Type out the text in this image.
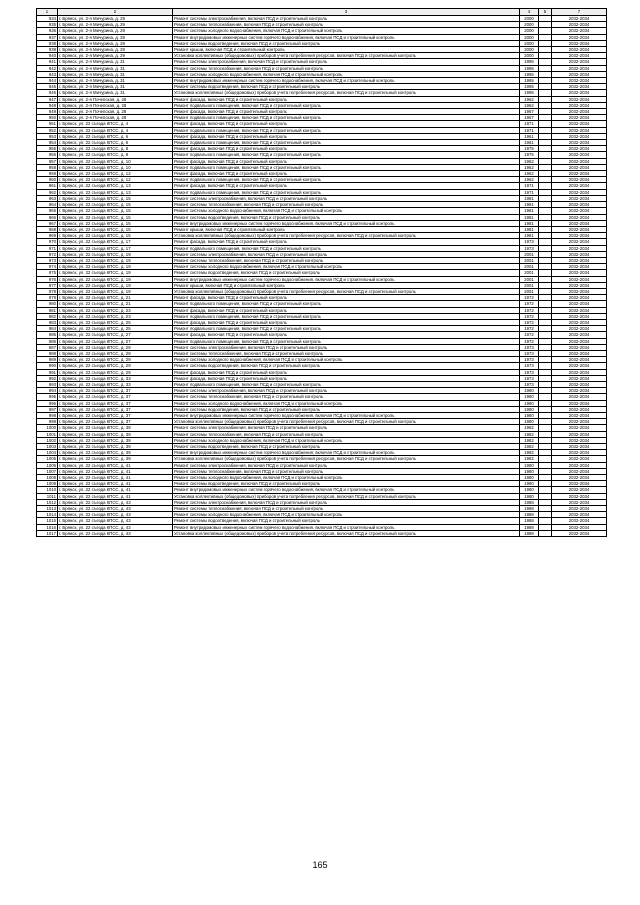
1	2	3	4	5	7
934	г. Брянск, ул. 2-я Мичурина, д. 29	Ремонт системы электроснабжения, включая ПСД и строительный контроль	2000		2032-2034
935	г. Брянск, ул. 2-я Мичурина, д. 29	Ремонт системы теплоснабжения, включая ПСД и строительный контроль	2000		2032-2034
936	г. Брянск, ул. 2-я Мичурина, д. 29	Ремонт системы холодного водоснабжения, включая ПСД и строительный контроль	2000		2032-2034
937	г. Брянск, ул. 2-я Мичурина, д. 29	Ремонт внутридомовых инженерных систем горячего водоснабжения, включая ПСД и строительный контроль	2000		2032-2034
938	г. Брянск, ул. 2-я Мичурина, д. 29	Ремонт системы водоотведения, включая ПСД и строительный контроль	2000		2032-2034
939	г. Брянск, ул. 2-я Мичурина, д. 29	Ремонт крыши, включая ПСД и строительный контроль	2000		2032-2034
940	г. Брянск, ул. 2-я Мичурина, д. 29	Установка коллективных (общедомовых) приборов учета потребления ресурсов, включая ПСД и строительный контроль	2000		2032-2034
941	г. Брянск, ул. 2-я Мичурина, д. 31	Ремонт системы электроснабжения, включая ПСД и строительный контроль	1995		2032-2034
942	г. Брянск, ул. 2-я Мичурина, д. 31	Ремонт системы теплоснабжения, включая ПСД и строительный контроль	1995		2032-2034
943	г. Брянск, ул. 2-я Мичурина, д. 31	Ремонт системы холодного водоснабжения, включая ПСД и строительный контроль	1995		2032-2034
944	г. Брянск, ул. 2-я Мичурина, д. 31	Ремонт внутридомовых инженерных систем горячего водоснабжения, включая ПСД и строительный контроль	1995		2032-2034
945	г. Брянск, ул. 2-я Мичурина, д. 31	Ремонт системы водоотведения, включая ПСД и строительный контроль	1995		2032-2034
946	г. Брянск, ул. 2-я Мичурина, д. 31	Установка коллективных (общедомовых) приборов учета потребления ресурсов, включая ПСД и строительный контроль	1995		2032-2034
947	г. Брянск, ул. 2-я Почепская, д. 28	Ремонт фасада, включая ПСД и строительный контроль	1962		2032-2034
948	г. Брянск, ул. 2-я Почепская, д. 28	Ремонт подвального помещения, включая ПСД и строительный контроль	1962		2032-2034
949	г. Брянск, ул. 2-я Почепская, д. 28	Ремонт фасада, включая ПСД и строительный контроль	1967		2032-2034
950	г. Брянск, ул. 2-я Почепская, д. 28	Ремонт подвального помещения, включая ПСД и строительный контроль	1967		2032-2034
951	г. Брянск, ул. 22 съезда КПСС, д. 4	Ремонт фасада, включая ПСД и строительный контроль	1971		2032-2034
952	г. Брянск, ул. 22 съезда КПСС, д. 4	Ремонт подвального помещения, включая ПСД и строительный контроль	1971		2032-2034
953	г. Брянск, ул. 22 съезда КПСС, д. 6	Ремонт фасада, включая ПСД и строительный контроль	1961		2032-2034
954	г. Брянск, ул. 22 съезда КПСС, д. 6	Ремонт подвального помещения, включая ПСД и строительный контроль	1961		2032-2034
955	г. Брянск, ул. 22 съезда КПСС, д. 8	Ремонт фасада, включая ПСД и строительный контроль	1975		2032-2034
956	г. Брянск, ул. 22 съезда КПСС, д. 8	Ремонт подвального помещения, включая ПСД и строительный контроль	1975		2032-2034
957	г. Брянск, ул. 22 съезда КПСС, д. 10	Ремонт фасада, включая ПСД и строительный контроль	1962		2032-2034
958	г. Брянск, ул. 22 съезда КПСС, д. 10	Ремонт подвального помещения, включая ПСД и строительный контроль	1962		2032-2034
959	г. Брянск, ул. 22 съезда КПСС, д. 12	Ремонт фасада, включая ПСД и строительный контроль	1962		2032-2034
960	г. Брянск, ул. 22 съезда КПСС, д. 12	Ремонт подвального помещения, включая ПСД и строительный контроль	1962		2032-2034
961	г. Брянск, ул. 22 съезда КПСС, д. 13	Ремонт фасада, включая ПСД и строительный контроль	1971		2032-2034
962	г. Брянск, ул. 22 съезда КПСС, д. 13	Ремонт подвального помещения, включая ПСД и строительный контроль	1971		2032-2034
963	г. Брянск, ул. 22 съезда КПСС, д. 15	Ремонт системы электроснабжения, включая ПСД и строительный контроль	1981		2032-2034
964	г. Брянск, ул. 22 съезда КПСС, д. 15	Ремонт системы теплоснабжения, включая ПСД и строительный контроль	1981		2032-2034
965	г. Брянск, ул. 22 съезда КПСС, д. 15	Ремонт системы холодного водоснабжения, включая ПСД и строительный контроль	1981		2032-2034
966	г. Брянск, ул. 22 съезда КПСС, д. 15	Ремонт системы водоотведения, включая ПСД и строительный контроль	1981		2032-2034
967	г. Брянск, ул. 22 съезда КПСС, д. 15	Ремонт внутридомовых инженерных систем горячего водоснабжения, включая ПСД и строительный контроль	1981		2032-2034
968	г. Брянск, ул. 22 съезда КПСС, д. 15	Ремонт крыши, включая ПСД и строительный контроль	1981		2032-2034
969	г. Брянск, ул. 22 съезда КПСС, д. 15	Установка коллективных (общедомовых) приборов учета потребления ресурсов, включая ПСД и строительный контроль	1981		2032-2034
970	г. Брянск, ул. 22 съезда КПСС, д. 17	Ремонт фасада, включая ПСД и строительный контроль	1973		2032-2034
971	г. Брянск, ул. 22 съезда КПСС, д. 17	Ремонт подвального помещения, включая ПСД и строительный контроль	1973		2032-2034
972	г. Брянск, ул. 22 съезда КПСС, д. 19	Ремонт системы электроснабжения, включая ПСД и строительный контроль	2001		2032-2034
973	г. Брянск, ул. 22 съезда КПСС, д. 19	Ремонт системы теплоснабжения, включая ПСД и строительный контроль	2001		2032-2034
974	г. Брянск, ул. 22 съезда КПСС, д. 19	Ремонт системы холодного водоснабжения, включая ПСД и строительный контроль	2001		2032-2034
975	г. Брянск, ул. 22 съезда КПСС, д. 19	Ремонт системы водоотведения, включая ПСД и строительный контроль	2001		2032-2034
976	г. Брянск, ул. 22 съезда КПСС, д. 19	Ремонт внутридомовых инженерных систем горячего водоснабжения, включая ПСД и строительный контроль	2001		2032-2034
977	г. Брянск, ул. 22 съезда КПСС, д. 19	Ремонт крыши, включая ПСД и строительный контроль	2001		2032-2034
978	г. Брянск, ул. 22 съезда КПСС, д. 19	Установка коллективных (общедомовых) приборов учета потребления ресурсов, включая ПСД и строительный контроль	2001		2032-2034
979	г. Брянск, ул. 22 съезда КПСС, д. 21	Ремонт фасада, включая ПСД и строительный контроль	1972		2032-2034
980	г. Брянск, ул. 22 съезда КПСС, д. 21	Ремонт подвального помещения, включая ПСД и строительный контроль	1972		2032-2034
981	г. Брянск, ул. 22 съезда КПСС, д. 23	Ремонт фасада, включая ПСД и строительный контроль	1972		2032-2034
982	г. Брянск, ул. 22 съезда КПСС, д. 23	Ремонт подвального помещения, включая ПСД и строительный контроль	1972		2032-2034
983	г. Брянск, ул. 22 съезда КПСС, д. 25	Ремонт фасада, включая ПСД и строительный контроль	1972		2032-2034
984	г. Брянск, ул. 22 съезда КПСС, д. 25	Ремонт подвального помещения, включая ПСД и строительный контроль	1972		2032-2034
985	г. Брянск, ул. 22 съезда КПСС, д. 27	Ремонт фасада, включая ПСД и строительный контроль	1972		2032-2034
986	г. Брянск, ул. 22 съезда КПСС, д. 27	Ремонт подвального помещения, включая ПСД и строительный контроль	1972		2032-2034
987	г. Брянск, ул. 22 съезда КПСС, д. 29	Ремонт системы электроснабжения, включая ПСД и строительный контроль	1973		2032-2034
988	г. Брянск, ул. 22 съезда КПСС, д. 29	Ремонт системы теплоснабжения, включая ПСД и строительный контроль	1973		2032-2034
989	г. Брянск, ул. 22 съезда КПСС, д. 29	Ремонт системы холодного водоснабжения, включая ПСД и строительный контроль	1973		2032-2034
990	г. Брянск, ул. 22 съезда КПСС, д. 29	Ремонт системы водоотведения, включая ПСД и строительный контроль	1973		2032-2034
991	г. Брянск, ул. 22 съезда КПСС, д. 29	Ремонт фасада, включая ПСД и строительный контроль	1973		2032-2034
992	г. Брянск, ул. 22 съезда КПСС, д. 33	Ремонт фасада, включая ПСД и строительный контроль	1973		2032-2034
993	г. Брянск, ул. 22 съезда КПСС, д. 33	Ремонт подвального помещения, включая ПСД и строительный контроль	1973		2032-2034
994	г. Брянск, ул. 22 съезда КПСС, д. 37	Ремонт системы электроснабжения, включая ПСД и строительный контроль	1980		2032-2034
995	г. Брянск, ул. 22 съезда КПСС, д. 37	Ремонт системы теплоснабжения, включая ПСД и строительный контроль	1980		2032-2034
996	г. Брянск, ул. 22 съезда КПСС, д. 37	Ремонт системы холодного водоснабжения, включая ПСД и строительный контроль	1980		2032-2034
997	г. Брянск, ул. 22 съезда КПСС, д. 37	Ремонт системы водоотведения, включая ПСД и строительный контроль	1980		2032-2034
998	г. Брянск, ул. 22 съезда КПСС, д. 37	Ремонт внутридомовых инженерных систем горячего водоснабжения, включая ПСД и строительный контроль	1980		2032-2034
999	г. Брянск, ул. 22 съезда КПСС, д. 37	Установка коллективных (общедомовых) приборов учета потребления ресурсов, включая ПСД и строительный контроль	1980		2032-2034
1000	г. Брянск, ул. 22 съезда КПСС, д. 39	Ремонт системы электроснабжения, включая ПСД и строительный контроль	1982		2032-2034
1001	г. Брянск, ул. 22 съезда КПСС, д. 39	Ремонт системы теплоснабжения, включая ПСД и строительный контроль	1982		2032-2034
1002	г. Брянск, ул. 22 съезда КПСС, д. 39	Ремонт системы холодного водоснабжения, включая ПСД и строительный контроль	1982		2032-2034
1003	г. Брянск, ул. 22 съезда КПСС, д. 39	Ремонт системы водоотведения, включая ПСД и строительный контроль	1982		2032-2034
1004	г. Брянск, ул. 22 съезда КПСС, д. 39	Ремонт внутридомовых инженерных систем горячего водоснабжения, включая ПСД и строительный контроль	1982		2032-2034
1005	г. Брянск, ул. 22 съезда КПСС, д. 39	Установка коллективных (общедомовых) приборов учета потребления ресурсов, включая ПСД и строительный контроль	1982		2032-2034
1006	г. Брянск, ул. 22 съезда КПСС, д. 41	Ремонт системы электроснабжения, включая ПСД и строительный контроль	1980		2032-2034
1007	г. Брянск, ул. 22 съезда КПСС, д. 41	Ремонт системы теплоснабжения, включая ПСД и строительный контроль	1980		2032-2034
1008	г. Брянск, ул. 22 съезда КПСС, д. 41	Ремонт системы холодного водоснабжения, включая ПСД и строительный контроль	1980		2032-2034
1009	г. Брянск, ул. 22 съезда КПСС, д. 41	Ремонт системы водоотведения, включая ПСД и строительный контроль	1980		2032-2034
1010	г. Брянск, ул. 22 съезда КПСС, д. 41	Ремонт внутридомовых инженерных систем горячего водоснабжения, включая ПСД и строительный контроль	1980		2032-2034
1011	г. Брянск, ул. 22 съезда КПСС, д. 41	Установка коллективных (общедомовых) приборов учета потребления ресурсов, включая ПСД и строительный контроль	1980		2032-2034
1012	г. Брянск, ул. 22 съезда КПСС, д. 43	Ремонт системы электроснабжения, включая ПСД и строительный контроль	1988		2032-2034
1013	г. Брянск, ул. 22 съезда КПСС, д. 43	Ремонт системы теплоснабжения, включая ПСД и строительный контроль	1988		2032-2034
1014	г. Брянск, ул. 22 съезда КПСС, д. 43	Ремонт системы холодного водоснабжения, включая ПСД и строительный контроль	1988		2032-2034
1015	г. Брянск, ул. 22 съезда КПСС, д. 43	Ремонт системы водоотведения, включая ПСД и строительный контроль	1988		2032-2034
1016	г. Брянск, ул. 22 съезда КПСС, д. 43	Ремонт внутридомовых инженерных систем горячего водоснабжения, включая ПСД и строительный контроль	1988		2032-2034
1017	г. Брянск, ул. 22 съезда КПСС, д. 43	Установка коллективных (общедомовых) приборов учета потребления ресурсов, включая ПСД и строительный контроль	1988		2032-2034
165
